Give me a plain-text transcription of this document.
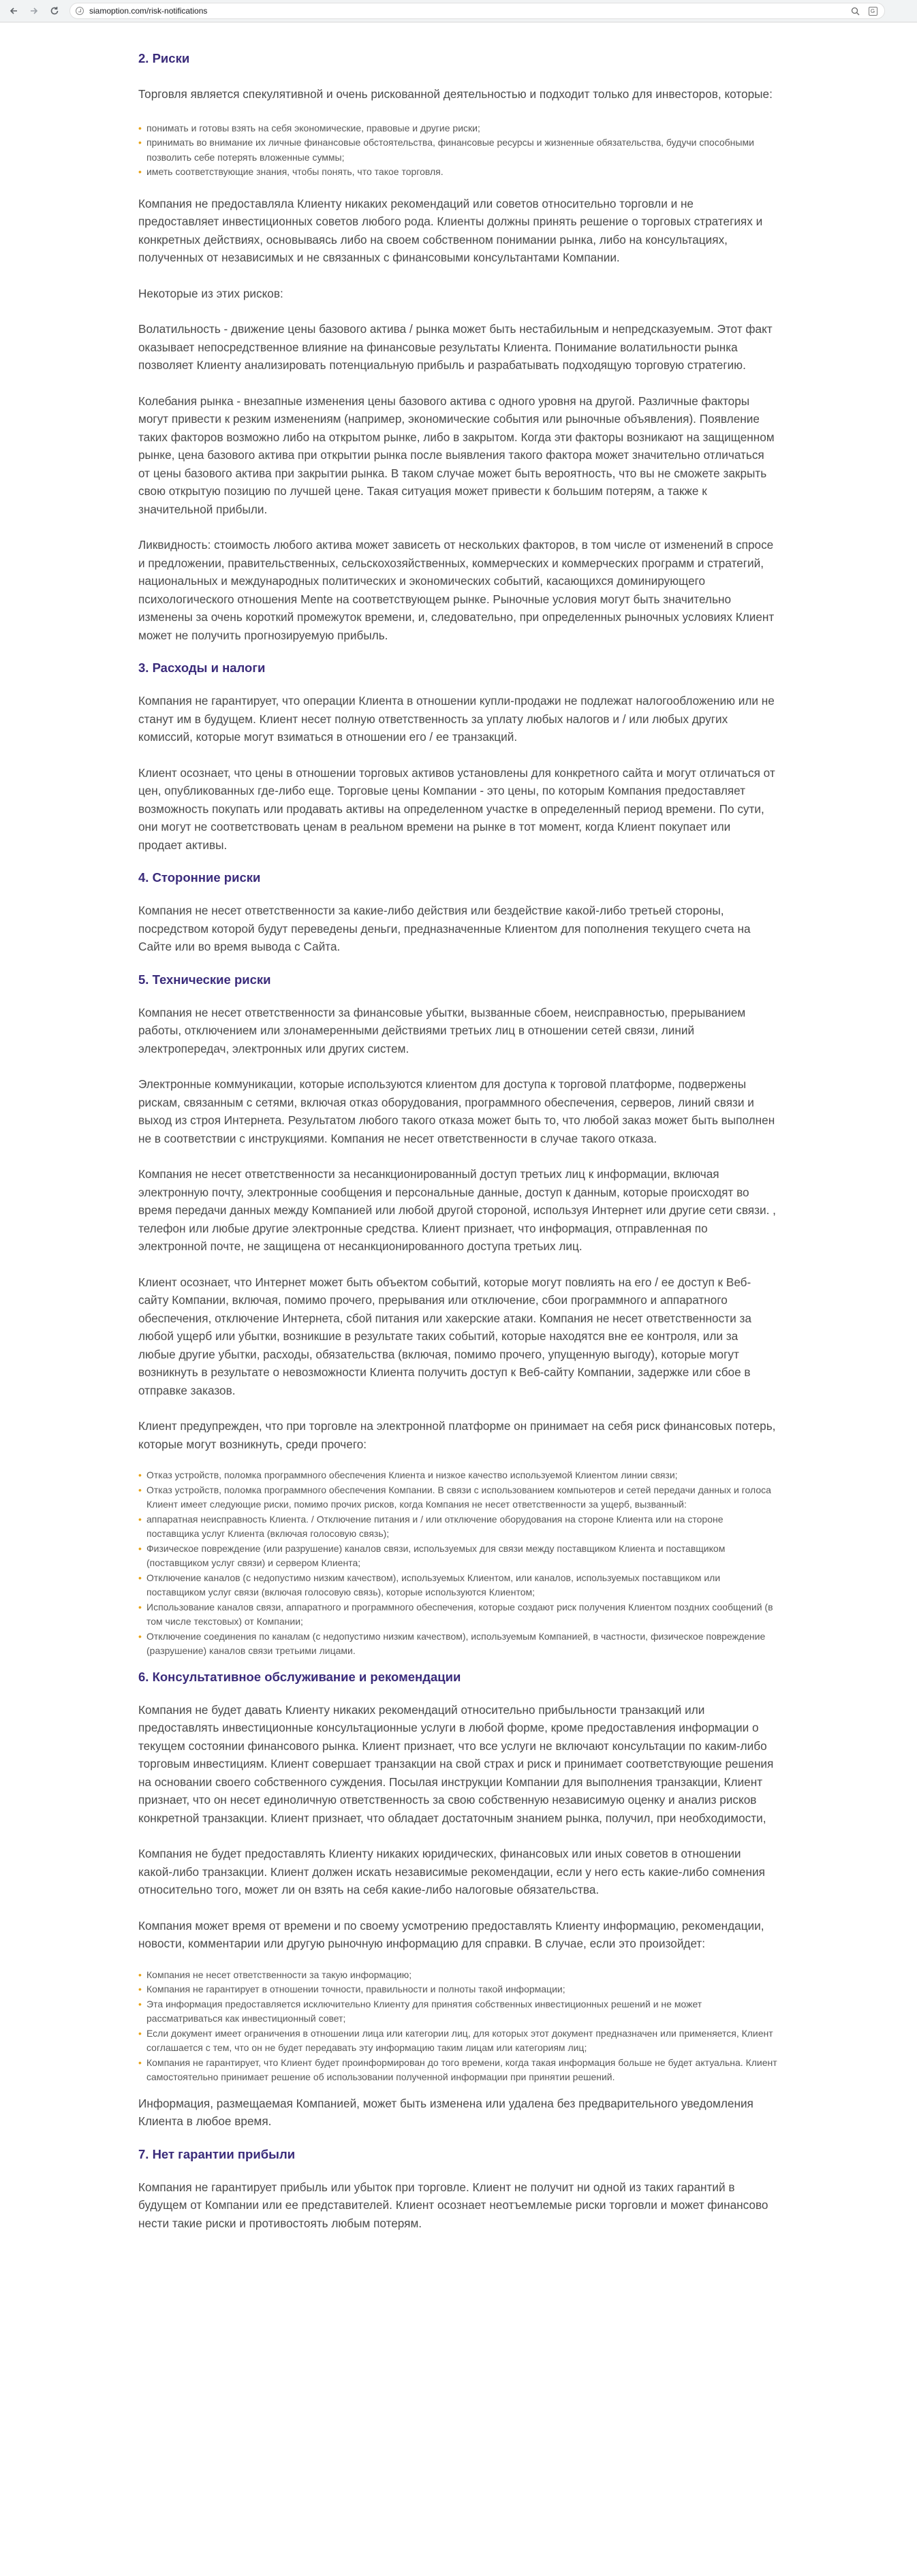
siamoption.com/risk-notifications	G
2. Риски

Торговля является спекулятивной и очень рискованной деятельностью и подходит только для инвесторов, которые:

• понимать и готовы взять на себя экономические, правовые и другие риски;
• принимать во внимание их личные финансовые обстоятельства, финансовые ресурсы и жизненные обязательства, будучи способными позволить себе потерять вложенные суммы;
• иметь соответствующие знания, чтобы понять, что такое торговля.

Компания не предоставляла Клиенту никаких рекомендаций или советов относительно торговли и не предоставляет инвестиционных советов любого рода. Клиенты должны принять решение о торговых стратегиях и конкретных действиях, основываясь либо на своем собственном понимании рынка, либо на консультациях, полученных от независимых и не связанных с финансовыми консультантами Компании.

Некоторые из этих рисков:

Волатильность - движение цены базового актива / рынка может быть нестабильным и непредсказуемым. Этот факт оказывает непосредственное влияние на финансовые результаты Клиента. Понимание волатильности рынка позволяет Клиенту анализировать потенциальную прибыль и разрабатывать подходящую торговую стратегию.

Колебания рынка - внезапные изменения цены базового актива с одного уровня на другой. Различные факторы могут привести к резким изменениям (например, экономические события или рыночные объявления). Появление таких факторов возможно либо на открытом рынке, либо в закрытом. Когда эти факторы возникают на защищенном рынке, цена базового актива при открытии рынка после выявления такого фактора может значительно отличаться от цены базового актива при закрытии рынка. В таком случае может быть вероятность, что вы не сможете закрыть свою открытую позицию по лучшей цене. Такая ситуация может привести к большим потерям, а также к значительной прибыли.

Ликвидность: стоимость любого актива может зависеть от нескольких факторов, в том числе от изменений в спросе и предложении, правительственных, сельскохозяйственных, коммерческих и коммерческих программ и стратегий, национальных и международных политических и экономических событий, касающихся доминирующего психологического отношения Mente на соответствующем рынке. Рыночные условия могут быть значительно изменены за очень короткий промежуток времени, и, следовательно, при определенных рыночных условиях Клиент может не получить прогнозируемую прибыль.

3. Расходы и налоги

Компания не гарантирует, что операции Клиента в отношении купли-продажи не подлежат налогообложению или не станут им в будущем. Клиент несет полную ответственность за уплату любых налогов и / или любых других комиссий, которые могут взиматься в отношении его / ее транзакций.

Клиент осознает, что цены в отношении торговых активов установлены для конкретного сайта и могут отличаться от цен, опубликованных где-либо еще. Торговые цены Компании - это цены, по которым Компания предоставляет возможность покупать или продавать активы на определенном участке в определенный период времени. По сути, они могут не соответствовать ценам в реальном времени на рынке в тот момент, когда Клиент покупает или продает активы.

4. Сторонние риски

Компания не несет ответственности за какие-либо действия или бездействие какой-либо третьей стороны, посредством которой будут переведены деньги, предназначенные Клиентом для пополнения текущего счета на Сайте или во время вывода с Сайта.

5. Технические риски

Компания не несет ответственности за финансовые убытки, вызванные сбоем, неисправностью, прерыванием работы, отключением или злонамеренными действиями третьих лиц в отношении сетей связи, линий электропередач, электронных или других систем.

Электронные коммуникации, которые используются клиентом для доступа к торговой платформе, подвержены рискам, связанным с сетями, включая отказ оборудования, программного обеспечения, серверов, линий связи и выход из строя Интернета. Результатом любого такого отказа может быть то, что любой заказ может быть выполнен не в соответствии с инструкциями. Компания не несет ответственности в случае такого отказа.

Компания не несет ответственности за несанкционированный доступ третьих лиц к информации, включая электронную почту, электронные сообщения и персональные данные, доступ к данным, которые происходят во время передачи данных между Компанией или любой другой стороной, используя Интернет или другие сети связи. , телефон или любые другие электронные средства. Клиент признает, что информация, отправленная по электронной почте, не защищена от несанкционированного доступа третьих лиц.

Клиент осознает, что Интернет может быть объектом событий, которые могут повлиять на его / ее доступ к Веб-сайту Компании, включая, помимо прочего, прерывания или отключение, сбои программного и аппаратного обеспечения, отключение Интернета, сбой питания или хакерские атаки. Компания не несет ответственности за любой ущерб или убытки, возникшие в результате таких событий, которые находятся вне ее контроля, или за любые другие убытки, расходы, обязательства (включая, помимо прочего, упущенную выгоду), которые могут возникнуть в результате о невозможности Клиента получить доступ к Веб-сайту Компании, задержке или сбое в отправке заказов.

Клиент предупрежден, что при торговле на электронной платформе он принимает на себя риск финансовых потерь, которые могут возникнуть, среди прочего:

• Отказ устройств, поломка программного обеспечения Клиента и низкое качество используемой Клиентом линии связи;
• Отказ устройств, поломка программного обеспечения Компании. В связи с использованием компьютеров и сетей передачи данных и голоса Клиент имеет следующие риски, помимо прочих рисков, когда Компания не несет ответственности за ущерб, вызванный:
• аппаратная неисправность Клиента. / Отключение питания и / или отключение оборудования на стороне Клиента или на стороне поставщика услуг Клиента (включая голосовую связь);
• Физическое повреждение (или разрушение) каналов связи, используемых для связи между поставщиком Клиента и поставщиком (поставщиком услуг связи) и сервером Клиента;
• Отключение каналов (с недопустимо низким качеством), используемых Клиентом, или каналов, используемых поставщиком или поставщиком услуг связи (включая голосовую связь), которые используются Клиентом;
• Использование каналов связи, аппаратного и программного обеспечения, которые создают риск получения Клиентом поздних сообщений (в том числе текстовых) от Компании;
• Отключение соединения по каналам (с недопустимо низким качеством), используемым Компанией, в частности, физическое повреждение (разрушение) каналов связи третьими лицами.
6. Консультативное обслуживание и рекомендации

Компания не будет давать Клиенту никаких рекомендаций относительно прибыльности транзакций или предоставлять инвестиционные консультационные услуги в любой форме, кроме предоставления информации о текущем состоянии финансового рынка. Клиент признает, что все услуги не включают консультации по каким-либо торговым инвестициям. Клиент совершает транзакции на свой страх и риск и принимает соответствующие решения на основании своего собственного суждения. Посылая инструкции Компании для выполнения транзакции, Клиент признает, что он несет единоличную ответственность за свою собственную независимую оценку и анализ рисков конкретной транзакции. Клиент признает, что обладает достаточным знанием рынка, получил, при необходимости,

Компания не будет предоставлять Клиенту никаких юридических, финансовых или иных советов в отношении какой-либо транзакции. Клиент должен искать независимые рекомендации, если у него есть какие-либо сомнения относительно того, может ли он взять на себя какие-либо налоговые обязательства.

Компания может время от времени и по своему усмотрению предоставлять Клиенту информацию, рекомендации, новости, комментарии или другую рыночную информацию для справки. В случае, если это произойдет:

• Компания не несет ответственности за такую информацию;
• Компания не гарантирует в отношении точности, правильности и полноты такой информации;
• Эта информация предоставляется исключительно Клиенту для принятия собственных инвестиционных решений и не может рассматриваться как инвестиционный совет;
• Если документ имеет ограничения в отношении лица или категории лиц, для которых этот документ предназначен или применяется, Клиент соглашается с тем, что он не будет передавать эту информацию таким лицам или категориям лиц;
• Компания не гарантирует, что Клиент будет проинформирован до того времени, когда такая информация больше не будет актуальна. Клиент самостоятельно принимает решение об использовании полученной информации при принятии решений.

Информация, размещаемая Компанией, может быть изменена или удалена без предварительного уведомления Клиента в любое время.

7. Нет гарантии прибыли

Компания не гарантирует прибыль или убыток при торговле. Клиент не получит ни одной из таких гарантий в будущем от Компании или ее представителей. Клиент осознает неотъемлемые риски торговли и может финансово нести такие риски и противостоять любым потерям.
